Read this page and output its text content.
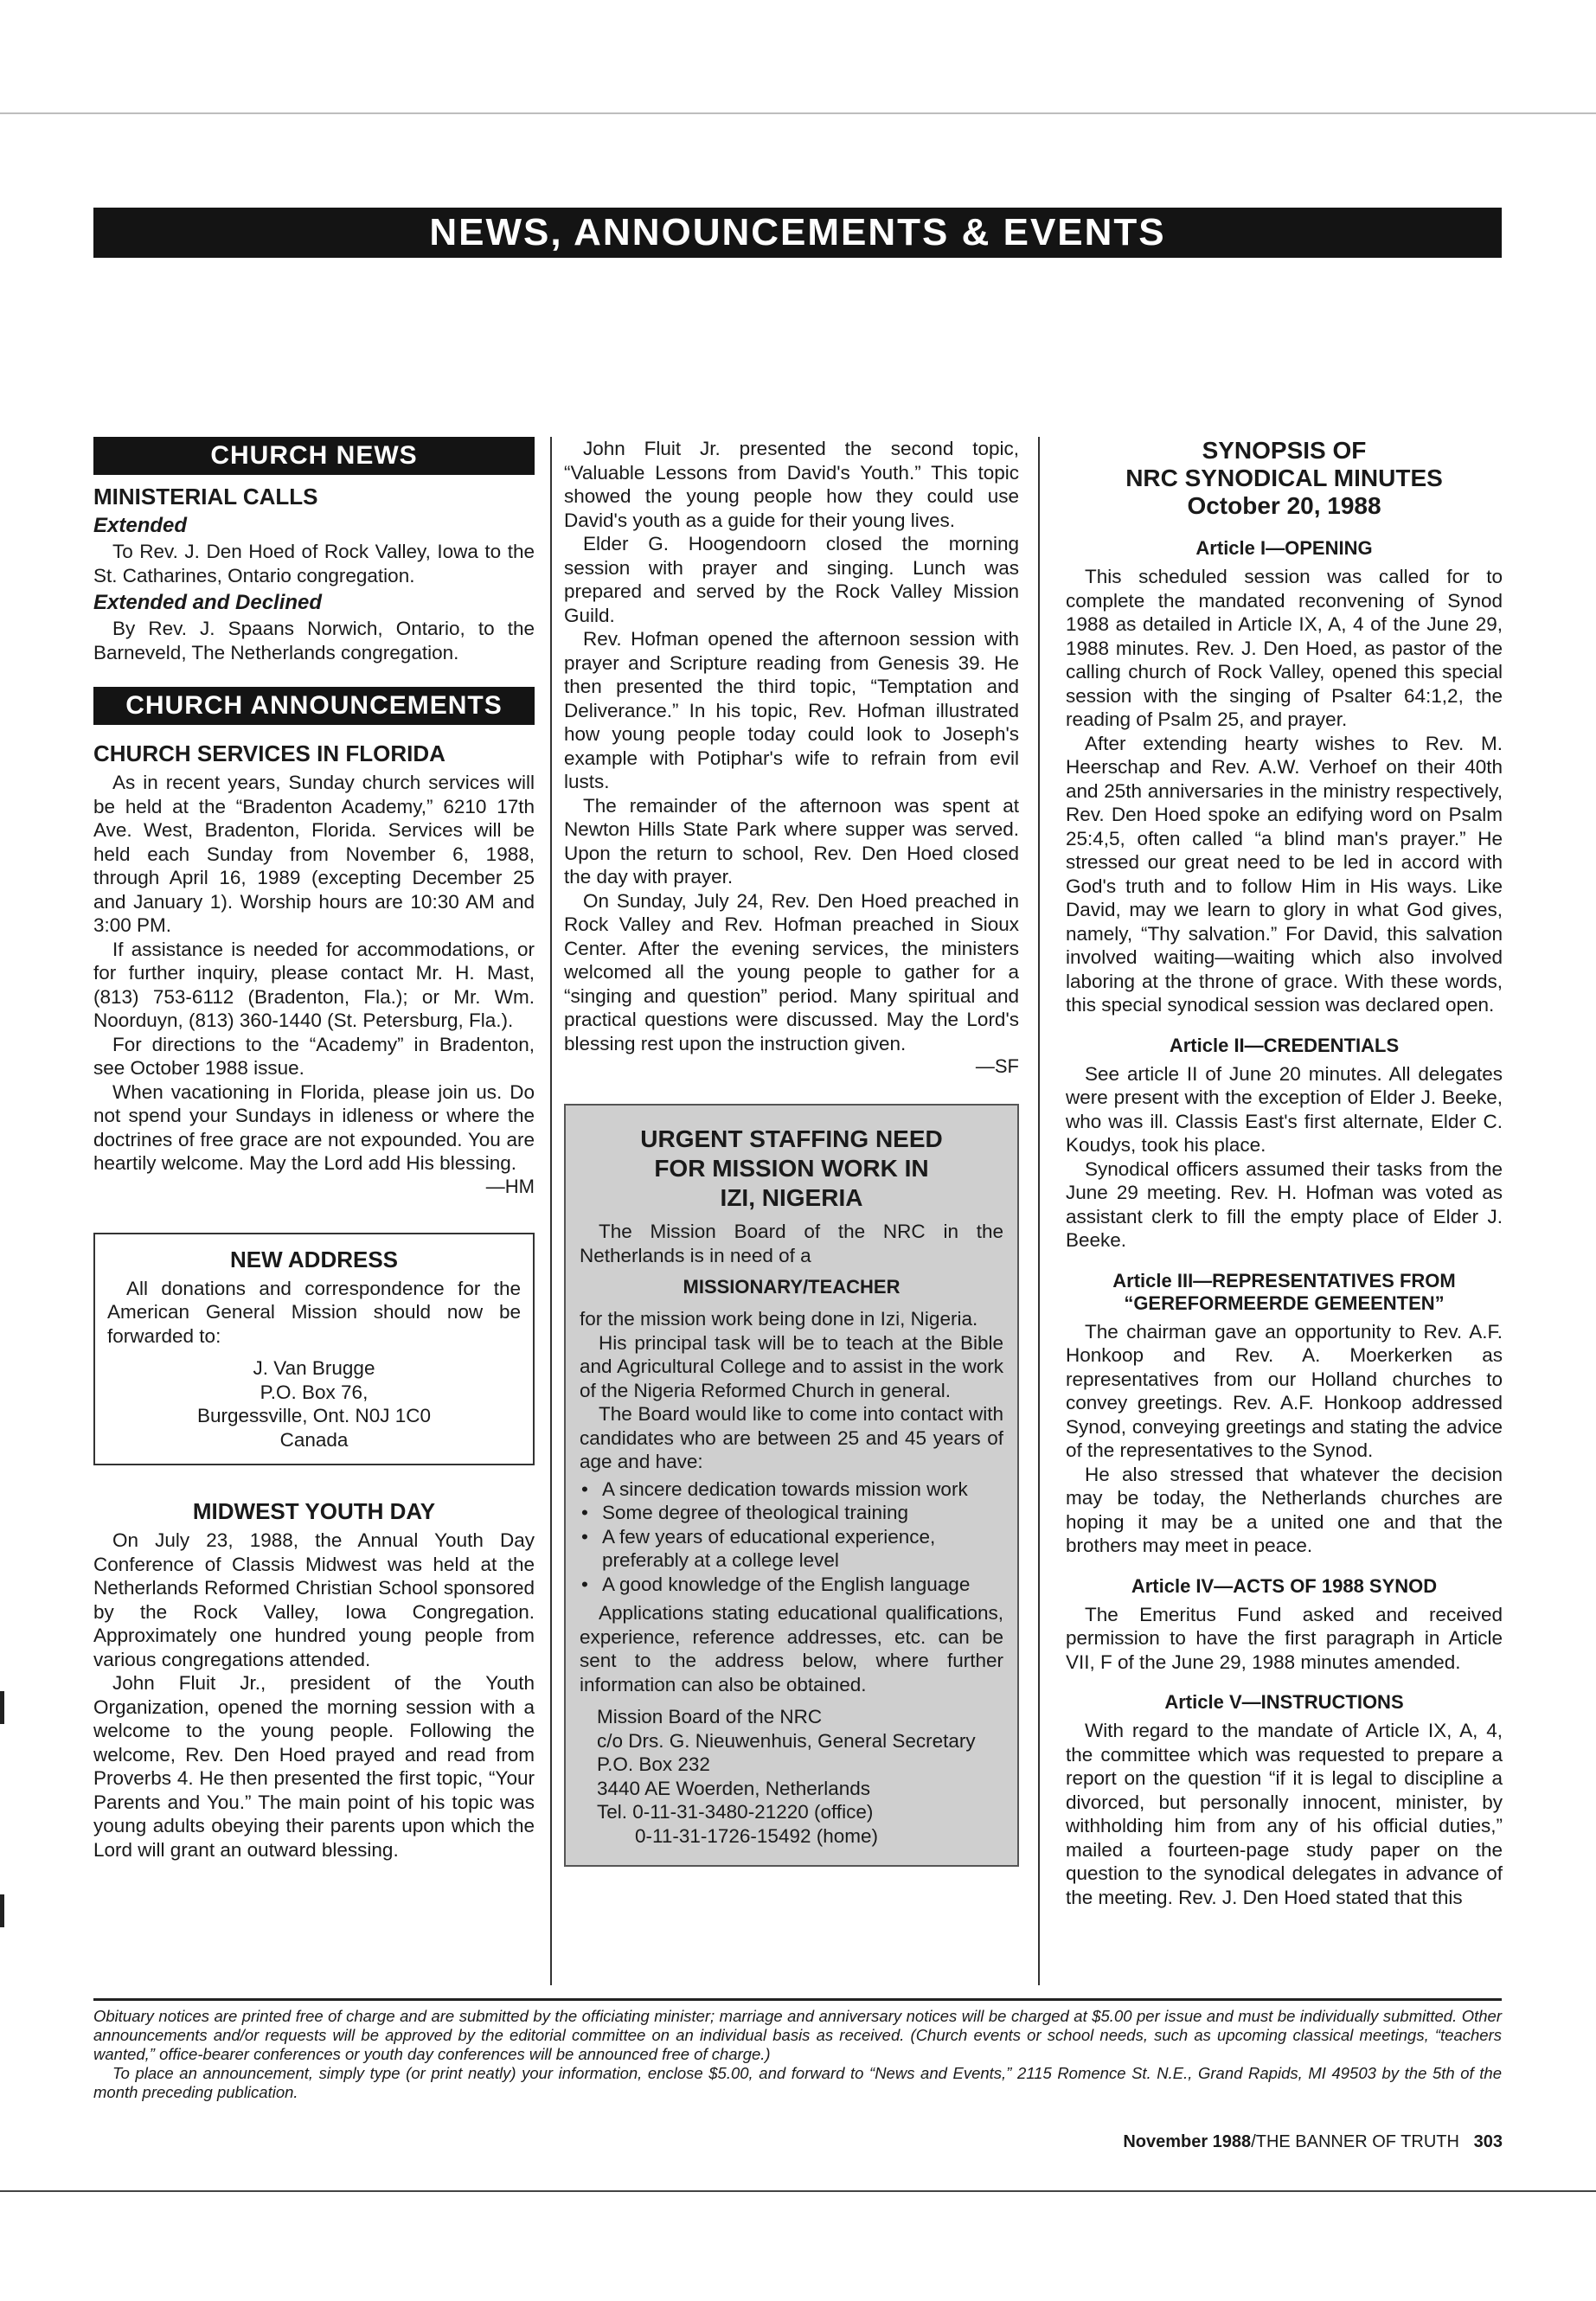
NEWS, ANNOUNCEMENTS & EVENTS
CHURCH NEWS
MINISTERIAL CALLS
Extended

To Rev. J. Den Hoed of Rock Valley, Iowa to the St. Catharines, Ontario congregation.

Extended and Declined

By Rev. J. Spaans Norwich, Ontario, to the Barneveld, The Netherlands congregation.

CHURCH ANNOUNCEMENTS
CHURCH SERVICES IN FLORIDA

As in recent years, Sunday church services will be held at the “Bradenton Academy,” 6210 17th Ave. West, Bradenton, Florida. Services will be held each Sunday from November 6, 1988, through April 16, 1989 (excepting December 25 and January 1). Worship hours are 10:30 AM and 3:00 PM.

If assistance is needed for accommodations, or for further inquiry, please contact Mr. H. Mast, (813) 753-6112 (Bradenton, Fla.); or Mr. Wm. Noorduyn, (813) 360-1440 (St. Petersburg, Fla.).

For directions to the “Academy” in Bradenton, see October 1988 issue.

When vacationing in Florida, please join us. Do not spend your Sundays in idleness or where the doctrines of free grace are not expounded. You are heartily welcome. May the Lord add His blessing.

—HM
NEW ADDRESS

All donations and correspondence for the American General Mission should now be forwarded to:

J. Van Brugge
P.O. Box 76,
Burgessville, Ont. N0J 1C0
Canada
MIDWEST YOUTH DAY

On July 23, 1988, the Annual Youth Day Conference of Classis Midwest was held at the Netherlands Reformed Christian School sponsored by the Rock Valley, Iowa Congregation. Approximately one hundred young people from various congregations attended.

John Fluit Jr., president of the Youth Organization, opened the morning session with a welcome to the young people. Following the welcome, Rev. Den Hoed prayed and read from Proverbs 4. He then presented the first topic, “Your Parents and You.” The main point of his topic was young adults obeying their parents upon which the Lord will grant an outward blessing.

John Fluit Jr. presented the second topic, “Valuable Lessons from David's Youth.” This topic showed the young people how they could use David's youth as a guide for their young lives.

Elder G. Hoogendoorn closed the morning session with prayer and singing. Lunch was prepared and served by the Rock Valley Mission Guild.

Rev. Hofman opened the afternoon session with prayer and Scripture reading from Genesis 39. He then presented the third topic, “Temptation and Deliverance.” In his topic, Rev. Hofman illustrated how young people today could look to Joseph's example with Potiphar's wife to refrain from evil lusts.

The remainder of the afternoon was spent at Newton Hills State Park where supper was served. Upon the return to school, Rev. Den Hoed closed the day with prayer.

On Sunday, July 24, Rev. Den Hoed preached in Rock Valley and Rev. Hofman preached in Sioux Center. After the evening services, the ministers welcomed all the young people to gather for a “singing and question” period. Many spiritual and practical questions were discussed. May the Lord's blessing rest upon the instruction given.

—SF
URGENT STAFFING NEED
FOR MISSION WORK IN
IZI, NIGERIA

The Mission Board of the NRC in the Netherlands is in need of a

MISSIONARY/TEACHER

for the mission work being done in Izi, Nigeria.

His principal task will be to teach at the Bible and Agricultural College and to assist in the work of the Nigeria Reformed Church in general.

The Board would like to come into contact with candidates who are between 25 and 45 years of age and have:

• A sincere dedication towards mission work
• Some degree of theological training
• A few years of educational experience, preferably at a college level
• A good knowledge of the English language

Applications stating educational qualifications, experience, reference addresses, etc. can be sent to the address below, where further information can also be obtained.

Mission Board of the NRC
c/o Drs. G. Nieuwenhuis, General Secretary
P.O. Box 232
3440 AE Woerden, Netherlands
Tel. 0-11-31-3480-21220 (office)
0-11-31-1726-15492 (home)
SYNOPSIS OF
NRC SYNODICAL MINUTES
October 20, 1988
Article I—OPENING

This scheduled session was called for to complete the mandated reconvening of Synod 1988 as detailed in Article IX, A, 4 of the June 29, 1988 minutes. Rev. J. Den Hoed, as pastor of the calling church of Rock Valley, opened this special session with the singing of Psalter 64:1,2, the reading of Psalm 25, and prayer.

After extending hearty wishes to Rev. M. Heerschap and Rev. A.W. Verhoef on their 40th and 25th anniversaries in the ministry respectively, Rev. Den Hoed spoke an edifying word on Psalm 25:4,5, often called “a blind man's prayer.” He stressed our great need to be led in accord with God's truth and to follow Him in His ways. Like David, may we learn to glory in what God gives, namely, “Thy salvation.” For David, this salvation involved waiting—waiting which also involved laboring at the throne of grace. With these words, this special synodical session was declared open.

Article II—CREDENTIALS

See article II of June 20 minutes. All delegates were present with the exception of Elder J. Beeke, who was ill. Classis East's first alternate, Elder C. Koudys, took his place.

Synodical officers assumed their tasks from the June 29 meeting. Rev. H. Hofman was voted as assistant clerk to fill the empty place of Elder J. Beeke.

Article III—REPRESENTATIVES FROM “GEREFORMEERDE GEMEENTEN”

The chairman gave an opportunity to Rev. A.F. Honkoop and Rev. A. Moerkerken as representatives from our Holland churches to convey greetings. Rev. A.F. Honkoop addressed Synod, conveying greetings and stating the advice of the representatives to the Synod.

He also stressed that whatever the decision may be today, the Netherlands churches are hoping it may be a united one and that the brothers may meet in peace.

Article IV—ACTS OF 1988 SYNOD

The Emeritus Fund asked and received permission to have the first paragraph in Article VII, F of the June 29, 1988 minutes amended.

Article V—INSTRUCTIONS

With regard to the mandate of Article IX, A, 4, the committee which was requested to prepare a report on the question “if it is legal to discipline a divorced, but personally innocent, minister, by withholding him from any of his official duties,” mailed a fourteen-page study paper on the question to the synodical delegates in advance of the meeting. Rev. J. Den Hoed stated that this

Obituary notices are printed free of charge and are submitted by the officiating minister; marriage and anniversary notices will be charged at $5.00 per issue and must be individually submitted. Other announcements and/or requests will be approved by the editorial committee on an individual basis as received. (Church events or school needs, such as upcoming classical meetings, “teachers wanted,” office-bearer conferences or youth day conferences will be announced free of charge.)

To place an announcement, simply type (or print neatly) your information, enclose $5.00, and forward to “News and Events,” 2115 Romence St. N.E., Grand Rapids, MI 49503 by the 5th of the month preceding publication.

November 1988/THE BANNER OF TRUTH 303
